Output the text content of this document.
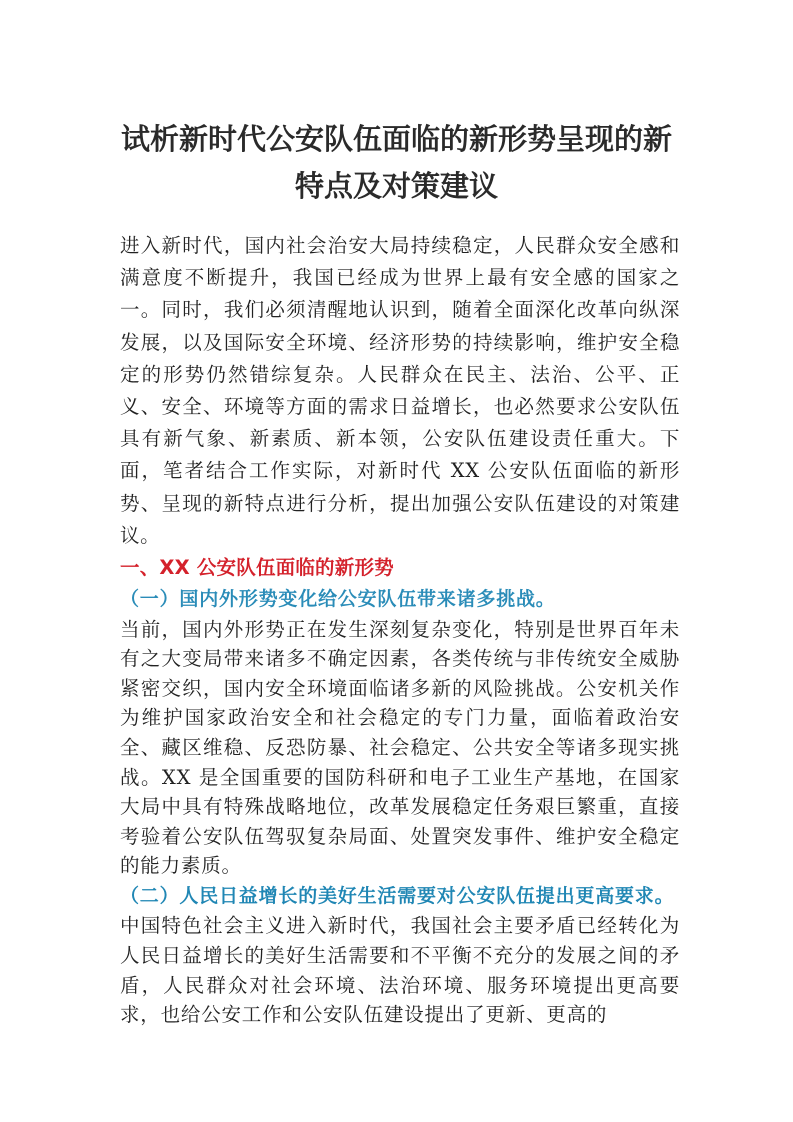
试析新时代公安队伍面临的新形势呈现的新
特点及对策建议

进入新时代，国内社会治安大局持续稳定，人民群众安全感和满意度不断提升，我国已经成为世界上最有安全感的国家之一。同时，我们必须清醒地认识到，随着全面深化改革向纵深发展，以及国际安全环境、经济形势的持续影响，维护安全稳定的形势仍然错综复杂。人民群众在民主、法治、公平、正义、安全、环境等方面的需求日益增长，也必然要求公安队伍具有新气象、新素质、新本领，公安队伍建设责任重大。下面，笔者结合工作实际，对新时代 XX 公安队伍面临的新形势、呈现的新特点进行分析，提出加强公安队伍建设的对策建议。

一、XX 公安队伍面临的新形势
（一）国内外形势变化给公安队伍带来诸多挑战。

当前，国内外形势正在发生深刻复杂变化，特别是世界百年未有之大变局带来诸多不确定因素，各类传统与非传统安全威胁紧密交织，国内安全环境面临诸多新的风险挑战。公安机关作为维护国家政治安全和社会稳定的专门力量，面临着政治安全、藏区维稳、反恐防暴、社会稳定、公共安全等诸多现实挑战。XX 是全国重要的国防科研和电子工业生产基地，在国家大局中具有特殊战略地位，改革发展稳定任务艰巨繁重，直接考验着公安队伍驾驭复杂局面、处置突发事件、维护安全稳定的能力素质。

（二）人民日益增长的美好生活需要对公安队伍提出更高要求。

中国特色社会主义进入新时代，我国社会主要矛盾已经转化为人民日益增长的美好生活需要和不平衡不充分的发展之间的矛盾，人民群众对社会环境、法治环境、服务环境提出更高要求，也给公安工作和公安队伍建设提出了更新、更高的
